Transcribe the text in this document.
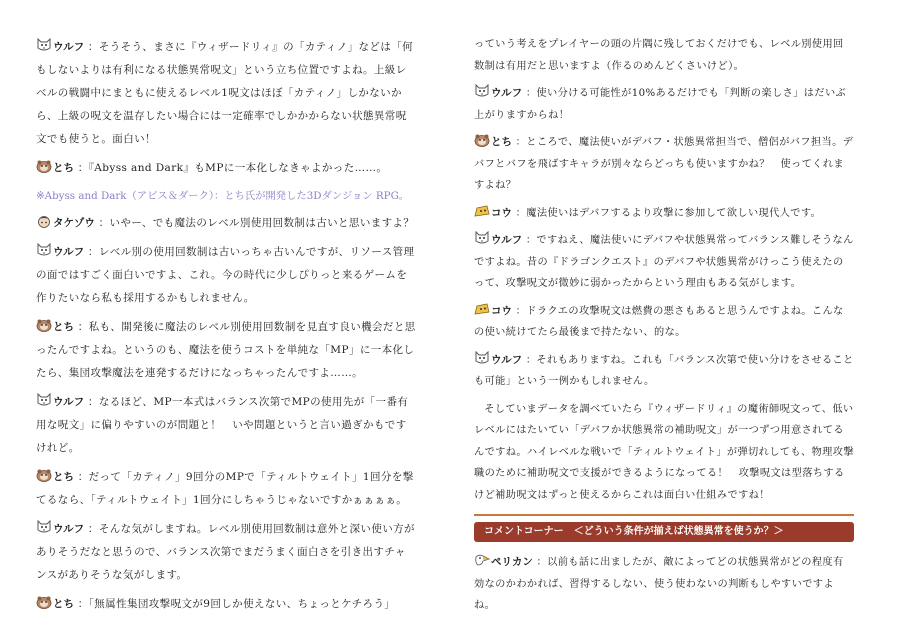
ウルフ ：そうそう、まさに『ウィザードリィ』の「カティノ」などは「何もしないよりは有利になる状態異常呪文」という立ち位置ですよね。上級レベルの戦闘中にまともに使えるレベル1呪文はほぼ「カティノ」しかないから、上級の呪文を温存したい場合には一定確率でしかかからない状態異常呪文でも使うと。面白い！
とち ：『Abyss and Dark』もMPに一本化しなきゃよかった……。
※Abyss and Dark（アビス＆ダーク）：とち氏が開発した3Dダンジョン RPG。
タケゾウ ：いやー、でも魔法のレベル別使用回数制は古いと思いますよ？
ウルフ ：レベル別の使用回数制は古いっちゃ古いんですが、リソース管理の面ではすごく面白いですよ、これ。今の時代に少しぴりっと来るゲームを作りたいなら私も採用するかもしれません。
とち ：私も、開発後に魔法のレベル別使用回数制を見直す良い機会だと思ったんですよね。というのも、魔法を使うコストを単純な「MP」に一本化したら、集団攻撃魔法を連発するだけになっちゃったんですよ……。
ウルフ ：なるほど、MP一本式はバランス次第でMPの使用先が「一番有用な呪文」に偏りやすいのが問題と！　いや問題というと言い過ぎかもですけれど。
とち ：だって「カティノ」9回分のMPで「ティルトウェイト」1回分を撃てるなら、「ティルトウェイト」1回分にしちゃうじゃないですかぁぁぁぁ。
ウルフ ：そんな気がしますね。レベル別使用回数制は意外と深い使い方がありそうだなと思うので、バランス次第でまだうまく面白さを引き出すチャンスがありそうな気がします。
とち ：「無属性集団攻撃呪文が9回しか使えない、ちょっとケチろう」
っていう考えをプレイヤーの頭の片隅に残しておくだけでも、レベル別使用回数制は有用だと思いますよ（作るのめんどくさいけど）。
ウルフ ：使い分ける可能性が10%あるだけでも「判断の楽しさ」はだいぶ上がりますからね！
とち ：ところで、魔法使いがデバフ・状態異常担当で、僧侶がバフ担当。デバフとバフを飛ばすキャラが別々ならどっちも使いますかね？　使ってくれますよね？
コウ ：魔法使いはデバフするより攻撃に参加して欲しい現代人です。
ウルフ ：ですねえ、魔法使いにデバフや状態異常ってバランス難しそうなんですよね。昔の『ドラゴンクエスト』のデバフや状態異常がけっこう使えたのって、攻撃呪文が微妙に弱かったからという理由もある気がします。
コウ ：ドラクエの攻撃呪文は燃費の悪さもあると思うんですよね。こんなの使い続けてたら最後まで持たない、的な。
ウルフ ：それもありますね。これも「バランス次第で使い分けをさせることも可能」という一例かもしれません。
そしていまデータを調べていたら『ウィザードリィ』の魔術師呪文って、低いレベルにはたいてい「デバフか状態異常の補助呪文」が一つずつ用意されてるんですね。ハイレベルな戦いで「ティルトウェイト」が弾切れしても、物理攻撃職のために補助呪文で支援ができるようになってる！　攻撃呪文は型落ちするけど補助呪文はずっと使えるからこれは面白い仕組みですね！
コメントコーナー　＜どういう条件が揃えば状態異常を使うか？＞
ペリカン ：以前も話に出ましたが、敵によってどの状態異常がどの程度有効なのかわかれば、習得するしない、使う使わないの判断もしやすいですよね。
